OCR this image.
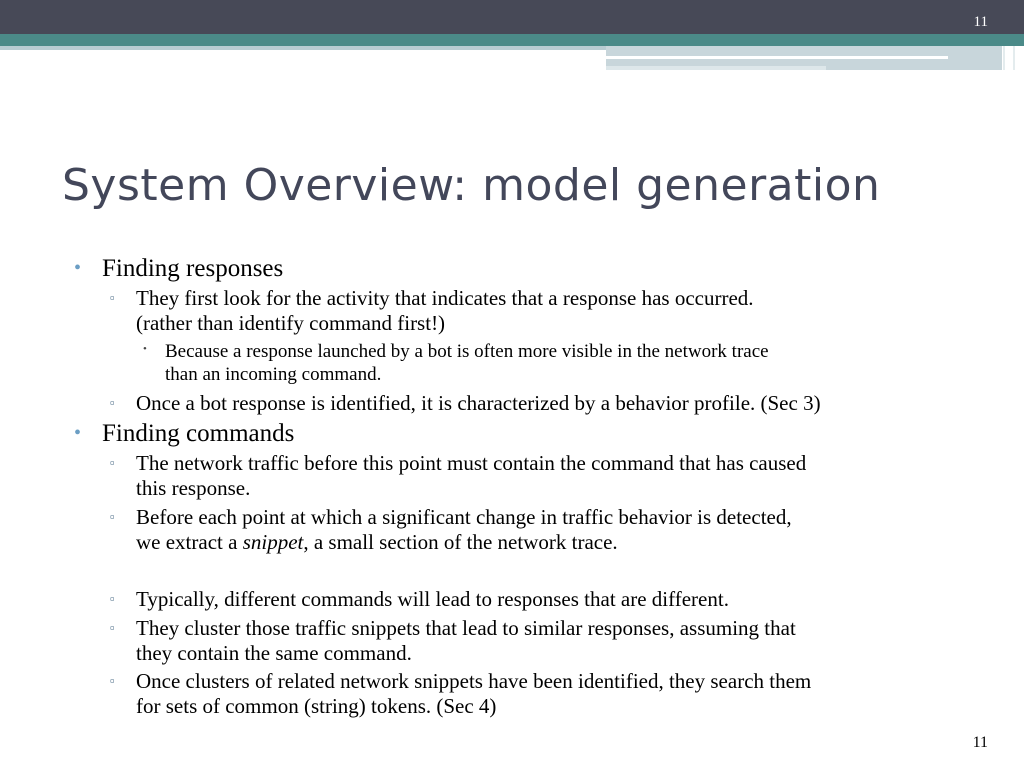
11
System Overview: model generation
• Finding responses
▫ They first look for the activity that indicates that a response has occurred.
(rather than identify command first!)
• Because a response launched by a bot is often more visible in the network trace
than an incoming command.
▫ Once a bot response is identified, it is characterized by a behavior profile. (Sec 3)
• Finding commands
▫ The network traffic before this point must contain the command that has caused
this response.
▫ Before each point at which a significant change in traffic behavior is detected,
we extract a snippet, a small section of the network trace.
▫ Typically, different commands will lead to responses that are different.
▫ They cluster those traffic snippets that lead to similar responses, assuming that
they contain the same command.
▫ Once clusters of related network snippets have been identified, they search them
for sets of common (string) tokens. (Sec 4)
11
